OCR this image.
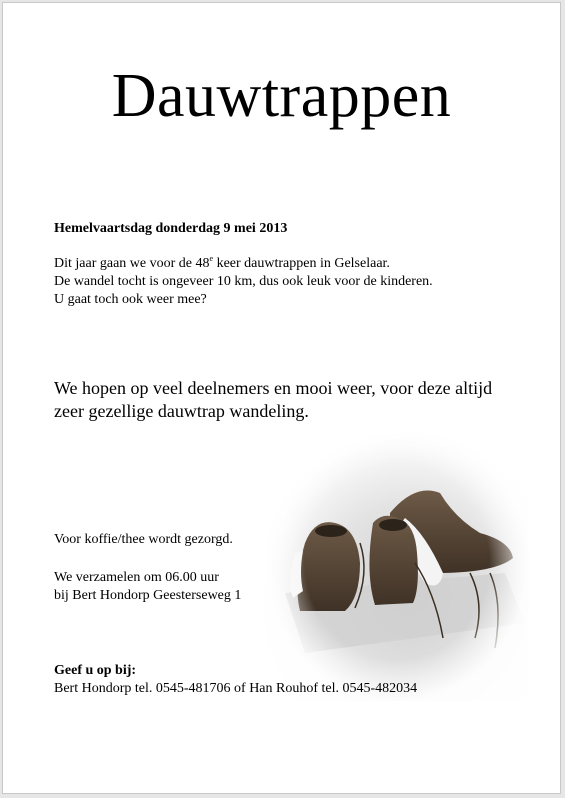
Dauwtrappen
Hemelvaartsdag donderdag 9 mei 2013
Dit jaar gaan we voor de 48e keer dauwtrappen in Gelselaar.
De wandel tocht is ongeveer 10 km, dus ook leuk voor de kinderen.
U gaat toch ook weer mee?
We hopen op veel deelnemers en mooi weer, voor deze altijd
zeer gezellige dauwtrap wandeling.
Voor koffie/thee wordt gezorgd.
We verzamelen om 06.00 uur
bij Bert Hondorp Geesterseweg 1
Geef u op bij:
Bert Hondorp tel. 0545-481706 of Han Rouhof tel. 0545-482034
